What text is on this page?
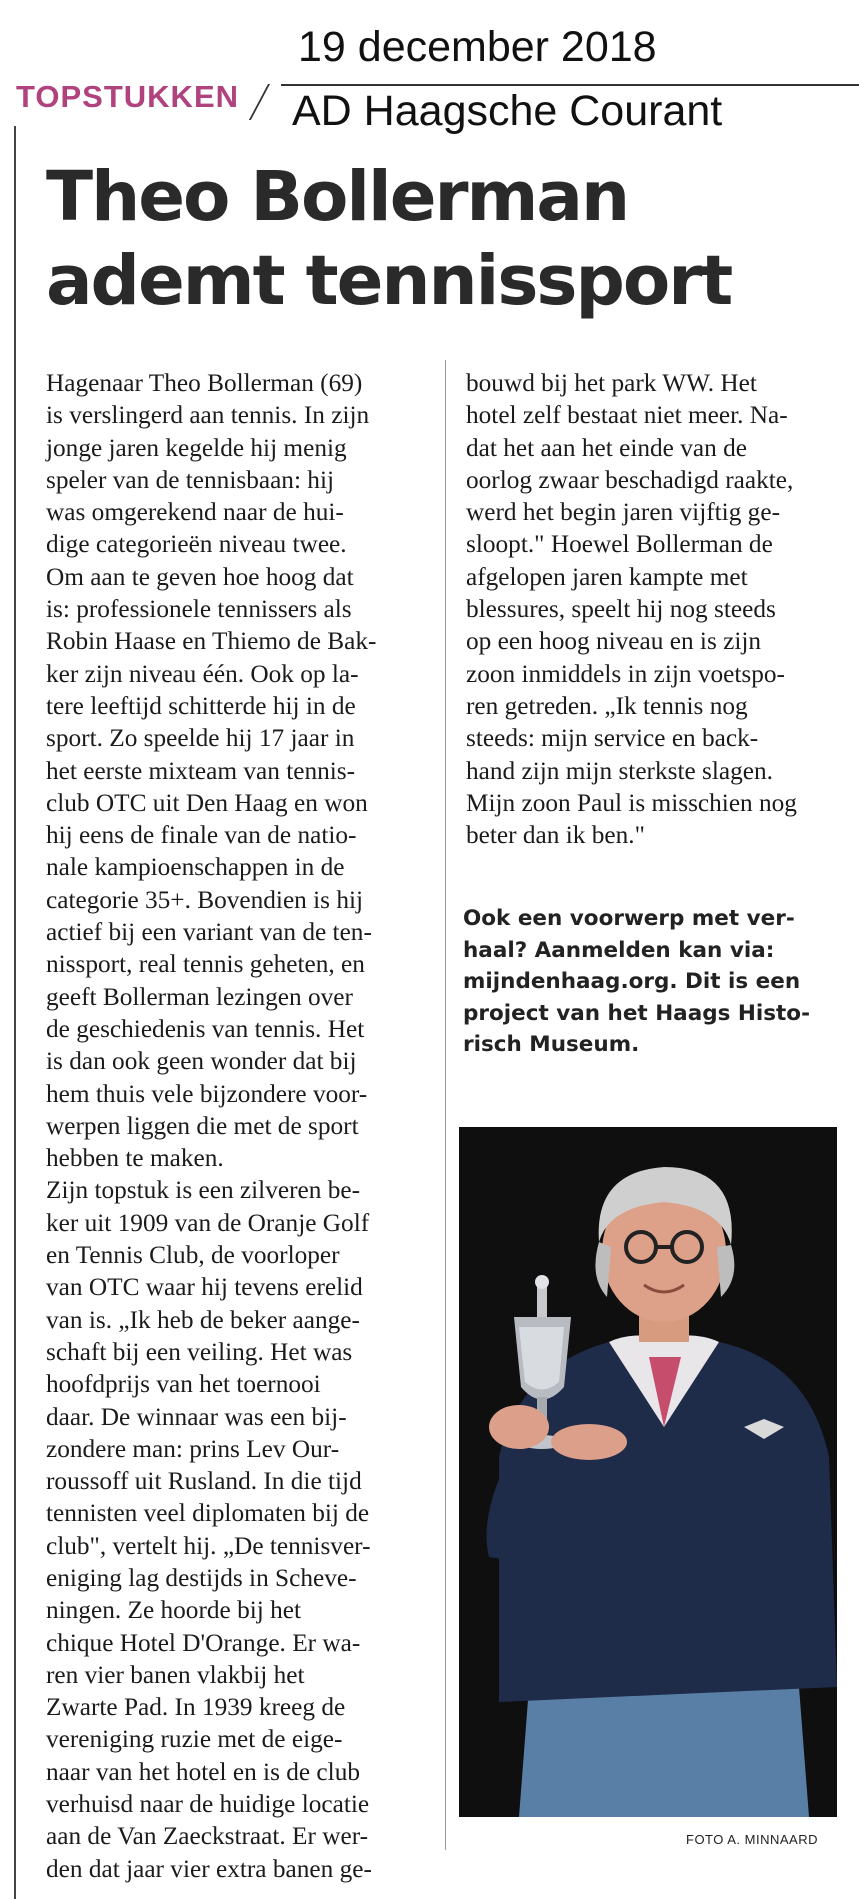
19 december 2018
TOPSTUKKEN AD Haagsche Courant
Theo Bollerman
ademt tennissport
Hagenaar Theo Bollerman (69)
is verslingerd aan tennis. In zijn
jonge jaren kegelde hij menig
speler van de tennisbaan: hij
was omgerekend naar de hui-
dige categorieën niveau twee.
Om aan te geven hoe hoog dat
is: professionele tennissers als
Robin Haase en Thiemo de Bak-
ker zijn niveau één. Ook op la-
tere leeftijd schitterde hij in de
sport. Zo speelde hij 17 jaar in
het eerste mixteam van tennis-
club OTC uit Den Haag en won
hij eens de finale van de natio-
nale kampioenschappen in de
categorie 35+. Bovendien is hij
actief bij een variant van de ten-
nissport, real tennis geheten, en
geeft Bollerman lezingen over
de geschiedenis van tennis. Het
is dan ook geen wonder dat bij
hem thuis vele bijzondere voor-
werpen liggen die met de sport
hebben te maken.
Zijn topstuk is een zilveren be-
ker uit 1909 van de Oranje Golf
en Tennis Club, de voorloper
van OTC waar hij tevens erelid
van is. „Ik heb de beker aange-
schaft bij een veiling. Het was
hoofdprijs van het toernooi
daar. De winnaar was een bij-
zondere man: prins Lev Our-
roussoff uit Rusland. In die tijd
tennisten veel diplomaten bij de
club", vertelt hij. „De tennisver-
eniging lag destijds in Scheve-
ningen. Ze hoorde bij het
chique Hotel D'Orange. Er wa-
ren vier banen vlakbij het
Zwarte Pad. In 1939 kreeg de
vereniging ruzie met de eige-
naar van het hotel en is de club
verhuisd naar de huidige locatie
aan de Van Zaeckstraat. Er wer-
den dat jaar vier extra banen ge-
bouwd bij het park WW. Het
hotel zelf bestaat niet meer. Na-
dat het aan het einde van de
oorlog zwaar beschadigd raakte,
werd het begin jaren vijftig ge-
sloopt." Hoewel Bollerman de
afgelopen jaren kampte met
blessures, speelt hij nog steeds
op een hoog niveau en is zijn
zoon inmiddels in zijn voetspo-
ren getreden. „Ik tennis nog
steeds: mijn service en back-
hand zijn mijn sterkste slagen.
Mijn zoon Paul is misschien nog
beter dan ik ben."
Ook een voorwerp met ver-
haal? Aanmelden kan via:
mijndenhaag.org. Dit is een
project van het Haags Histo-
risch Museum.
FOTO A. MINNAARD
